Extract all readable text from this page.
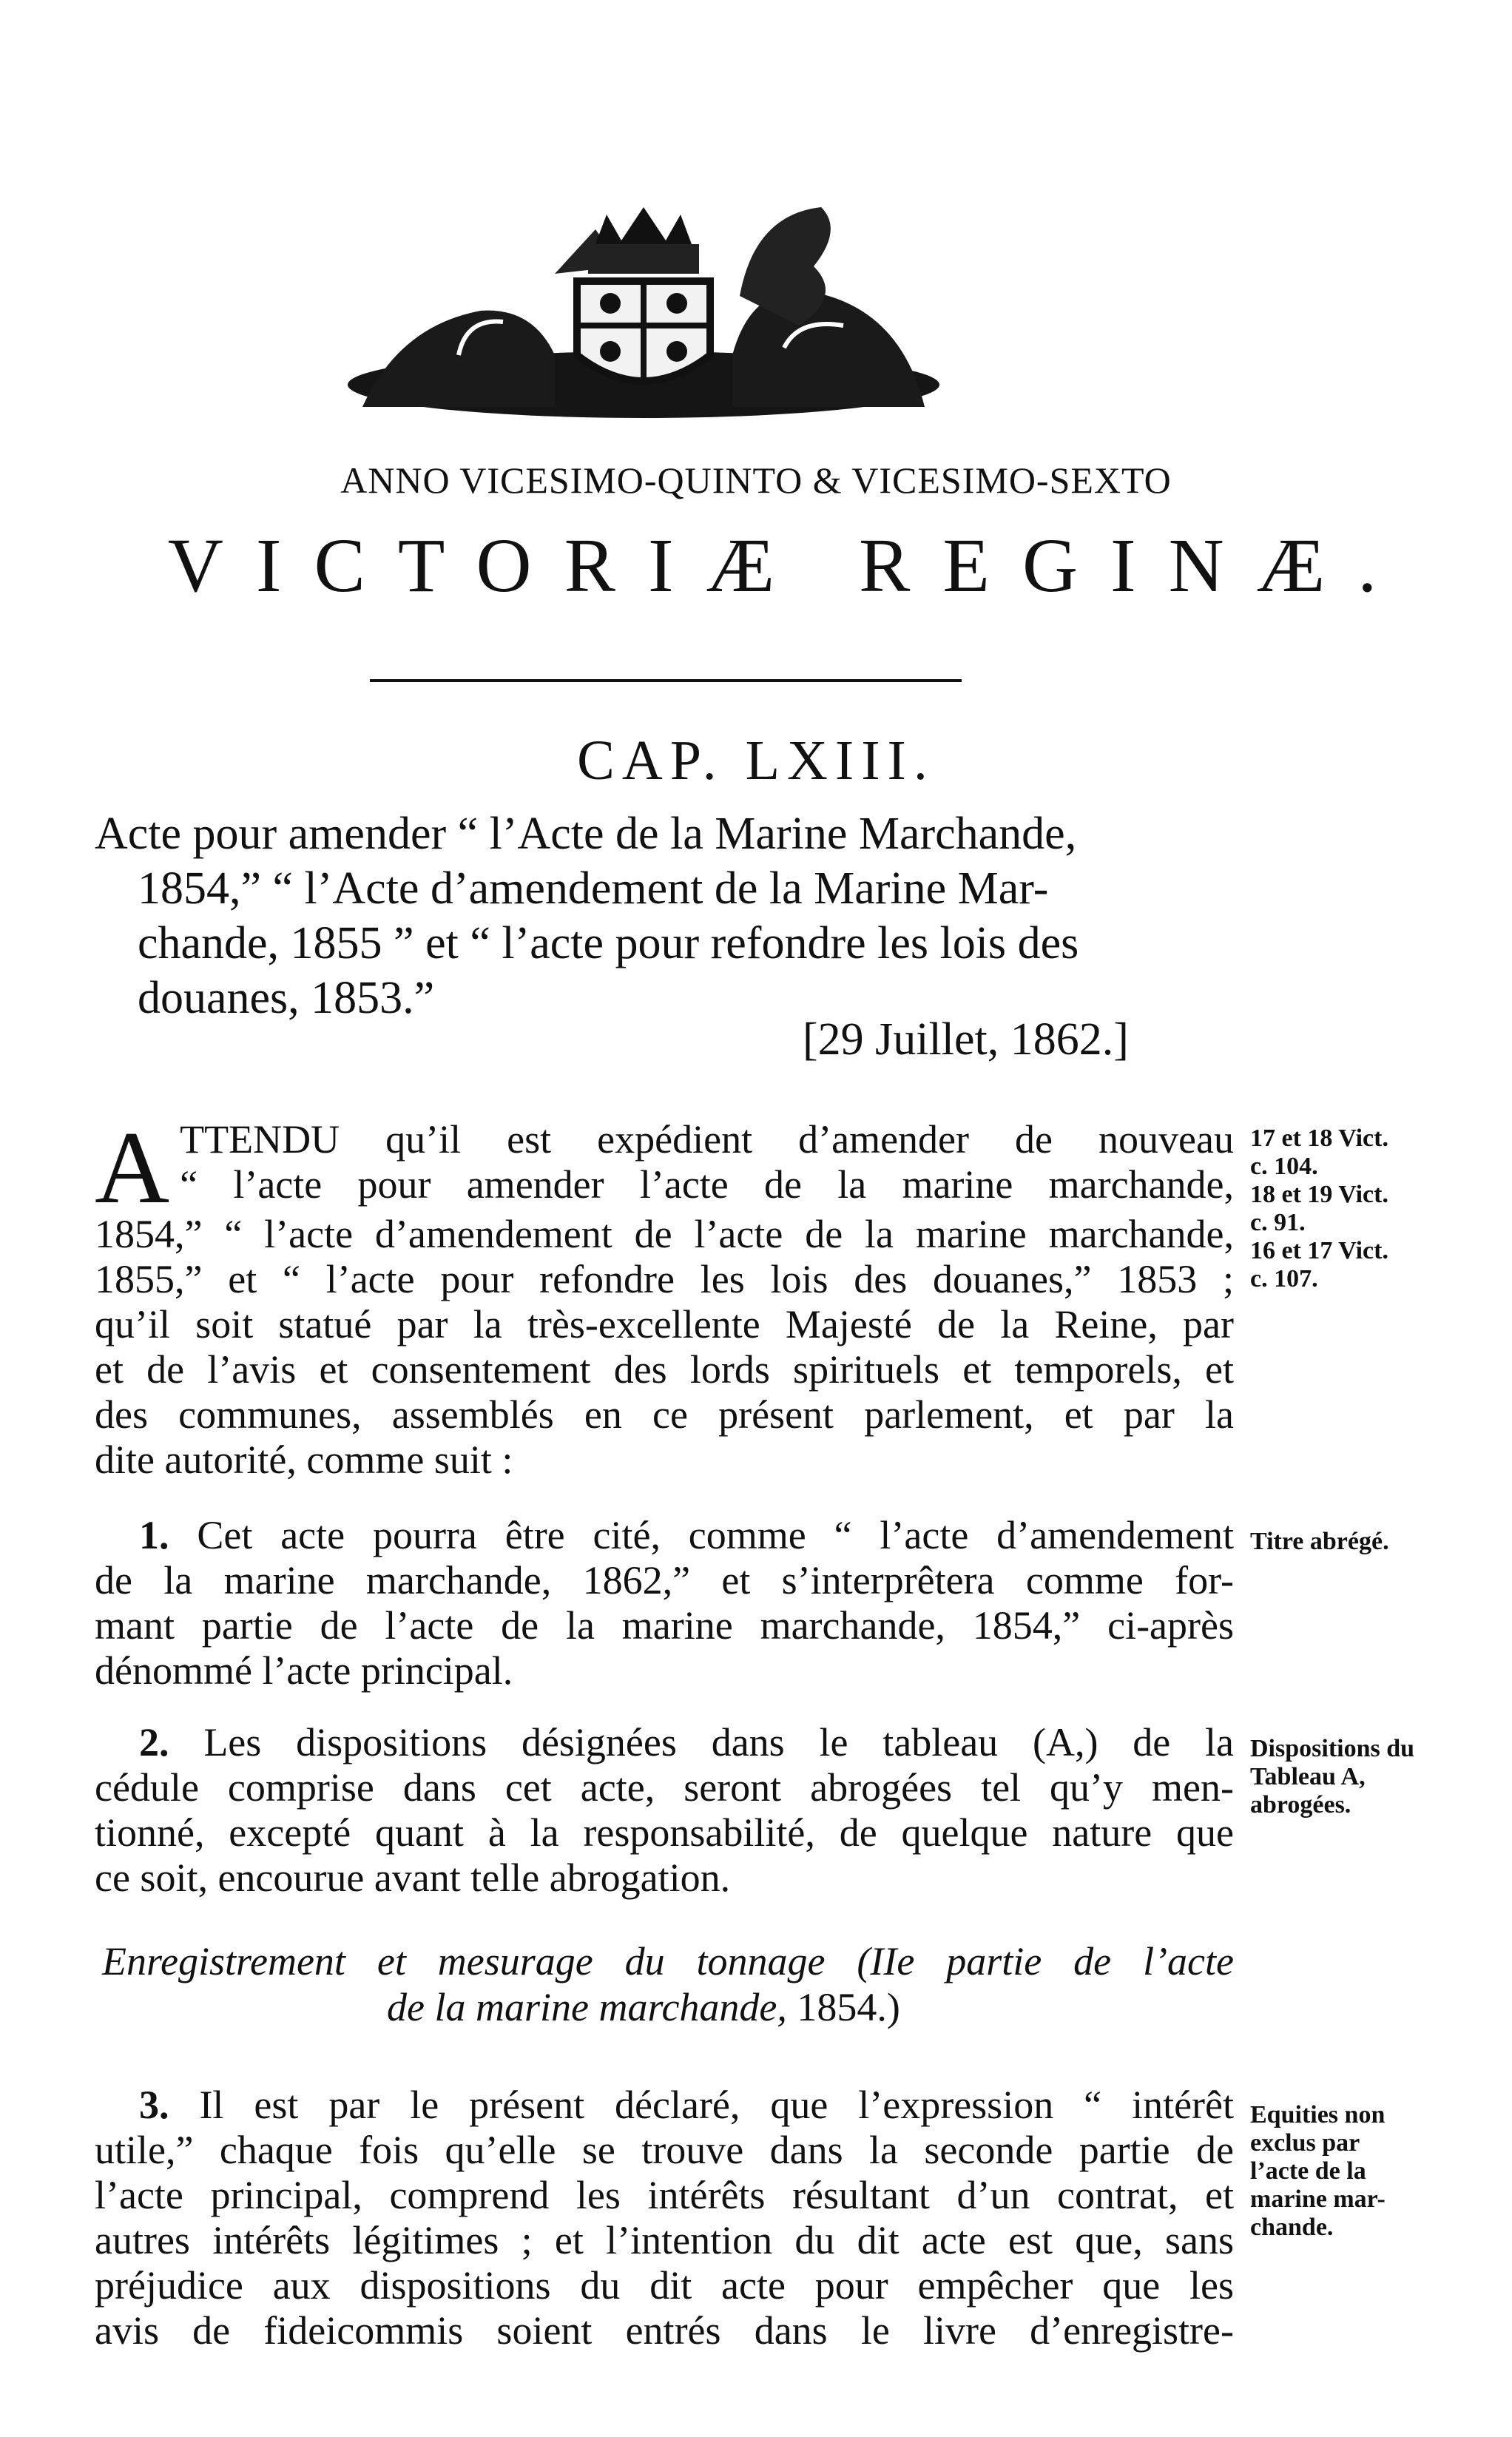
ANNO VICESIMO-QUINTO & VICESIMO-SEXTO
VICTORIÆ REGINÆ.
CAP. LXIII.
Acte pour amender “ l’Acte de la Marine Marchande,
1854,” “ l’Acte d’amendement de la Marine Mar-
chande, 1855 ” et “ l’acte pour refondre les lois des
douanes, 1853.”
[29 Juillet, 1862.]
A TTENDU qu’il est expédient d’amender de nouveau
“ l’acte pour amender l’acte de la marine marchande,
1854,” “ l’acte d’amendement de l’acte de la marine marchande,
1855,” et “ l’acte pour refondre les lois des douanes,” 1853 ;
qu’il soit statué par la très-excellente Majesté de la Reine, par
et de l’avis et consentement des lords spirituels et temporels, et
des communes, assemblés en ce présent parlement, et par la
dite autorité, comme suit :
17 et 18 Vict.
c. 104.
18 et 19 Vict.
c. 91.
16 et 17 Vict.
c. 107.
1. Cet acte pourra être cité, comme “ l’acte d’amendement
de la marine marchande, 1862,” et s’interprêtera comme for-
mant partie de l’acte de la marine marchande, 1854,” ci-après
dénommé l’acte principal.
Titre abrégé.
2. Les dispositions désignées dans le tableau (A,) de la
cédule comprise dans cet acte, seront abrogées tel qu’y men-
tionné, excepté quant à la responsabilité, de quelque nature que
ce soit, encourue avant telle abrogation.
Dispositions du
Tableau A,
abrogées.
Enregistrement et mesurage du tonnage (IIe partie de l’acte
de la marine marchande, 1854.)
3. Il est par le présent déclaré, que l’expression “ intérêt
utile,” chaque fois qu’elle se trouve dans la seconde partie de
l’acte principal, comprend les intérêts résultant d’un contrat, et
autres intérêts légitimes ; et l’intention du dit acte est que, sans
préjudice aux dispositions du dit acte pour empêcher que les
avis de fideicommis soient entrés dans le livre d’enregistre-
Equities non
exclus par
l’acte de la
marine mar-
chande.
